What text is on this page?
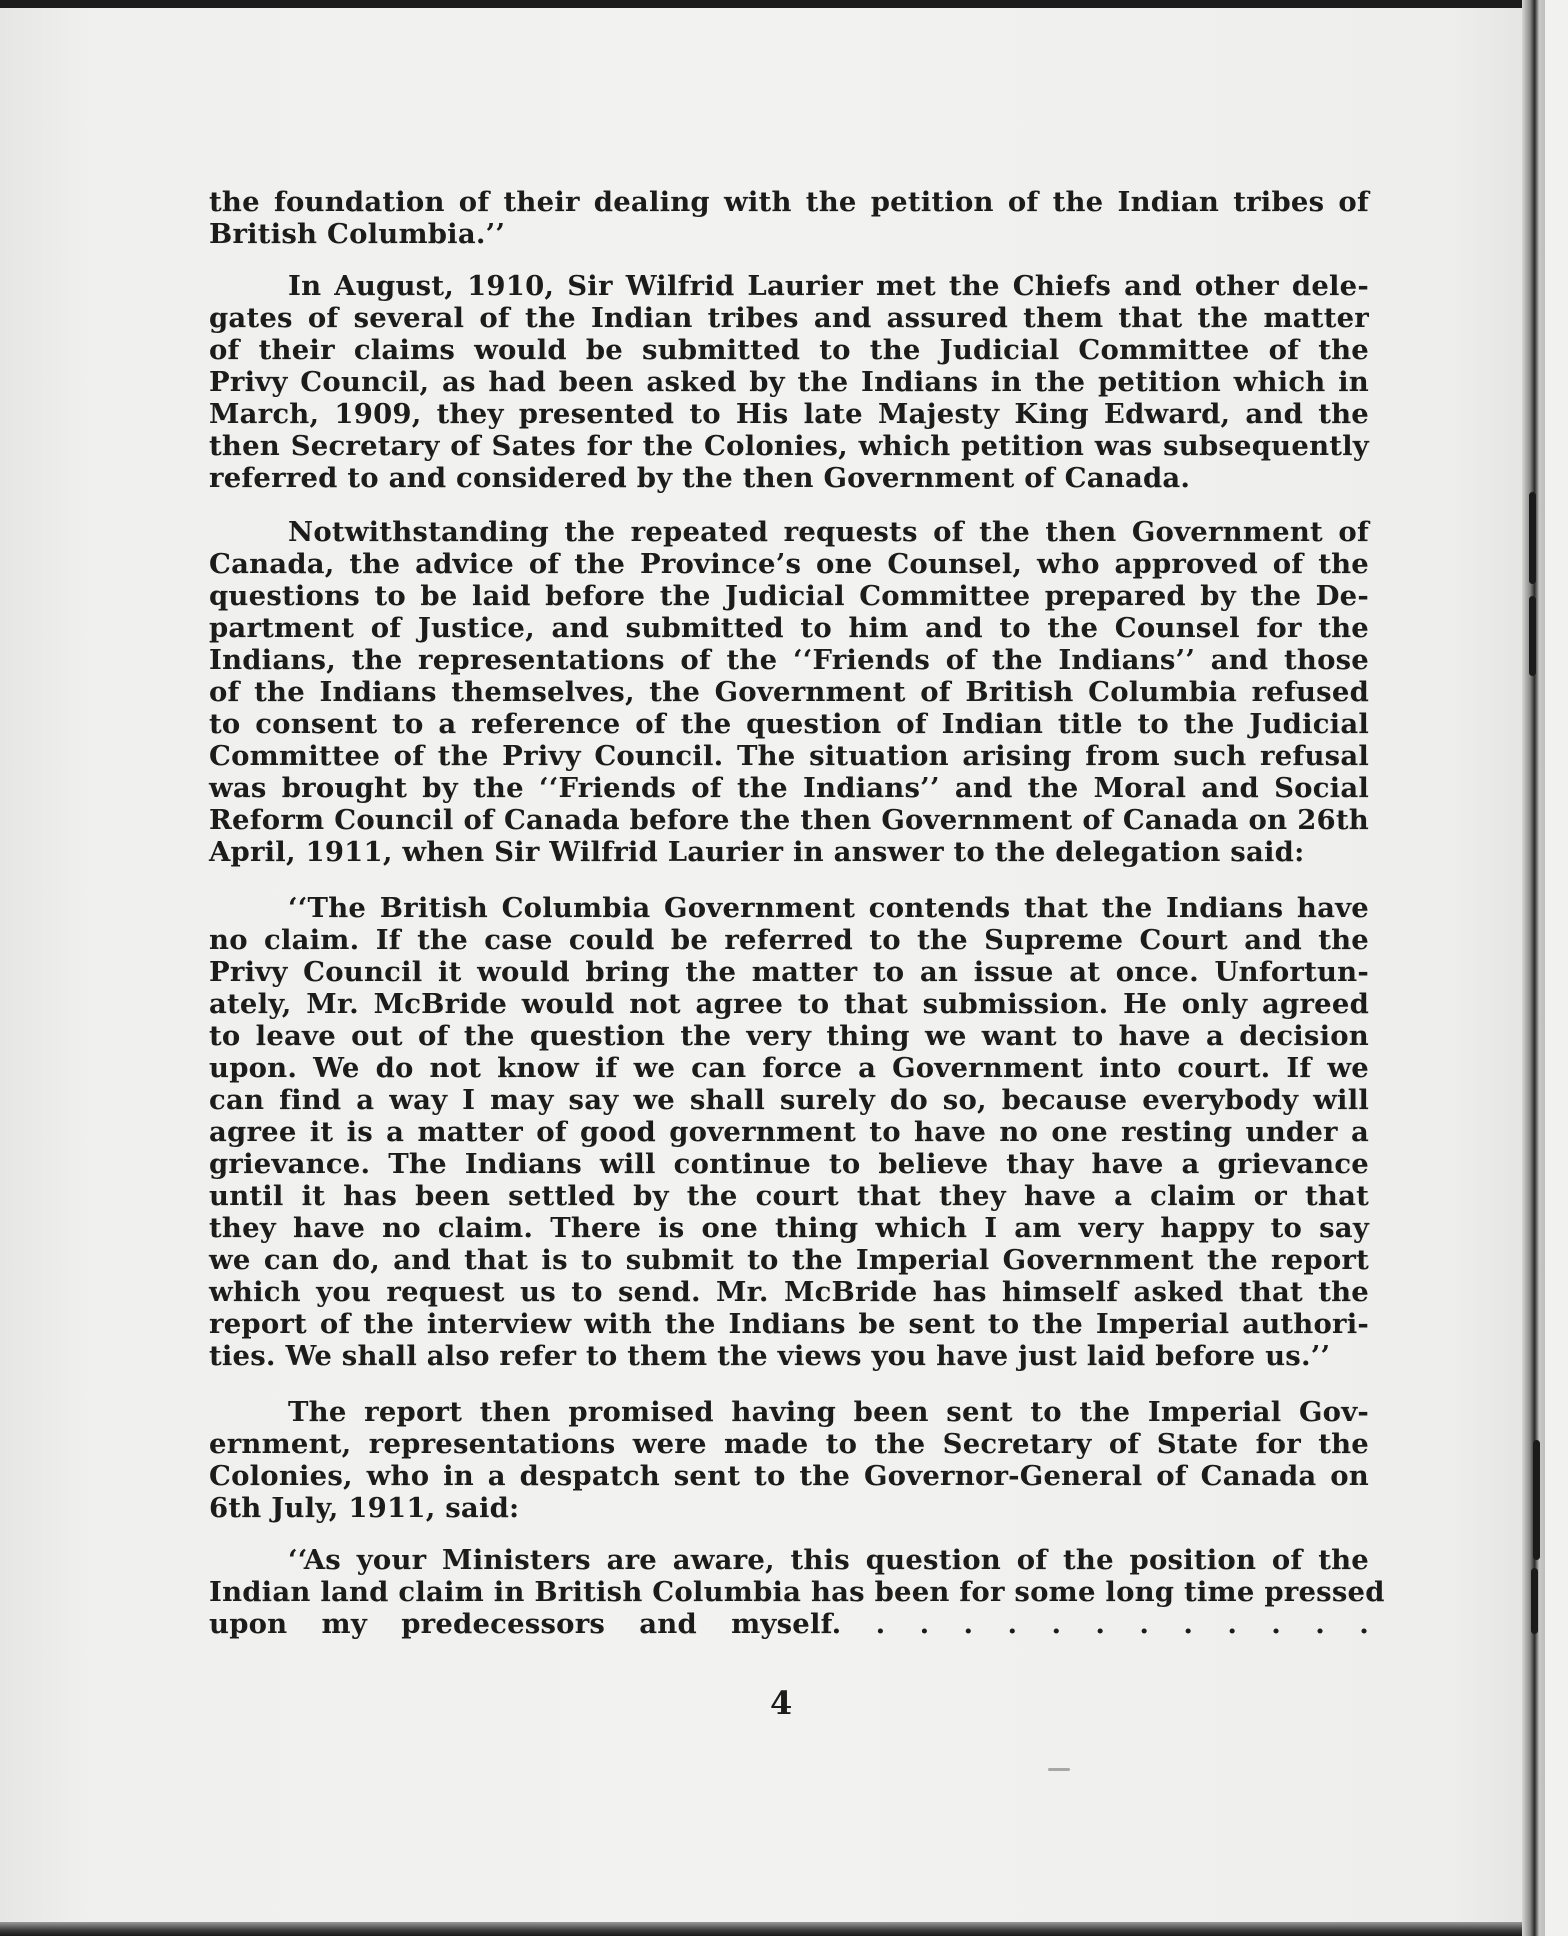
the foundation of their dealing with the petition of the Indian tribes of
British Columbia.’’
In August, 1910, Sir Wilfrid Laurier met the Chiefs and other dele-
gates of several of the Indian tribes and assured them that the matter
of their claims would be submitted to the Judicial Committee of the
Privy Council, as had been asked by the Indians in the petition which in
March, 1909, they presented to His late Majesty King Edward, and the
then Secretary of Sates for the Colonies, which petition was subsequently
referred to and considered by the then Government of Canada.
Notwithstanding the repeated requests of the then Government of
Canada, the advice of the Province’s one Counsel, who approved of the
questions to be laid before the Judicial Committee prepared by the De-
partment of Justice, and submitted to him and to the Counsel for the
Indians, the representations of the ‘‘Friends of the Indians’’ and those
of the Indians themselves, the Government of British Columbia refused
to consent to a reference of the question of Indian title to the Judicial
Committee of the Privy Council. The situation arising from such refusal
was brought by the ‘‘Friends of the Indians’’ and the Moral and Social
Reform Council of Canada before the then Government of Canada on 26th
April, 1911, when Sir Wilfrid Laurier in answer to the delegation said:
‘‘The British Columbia Government contends that the Indians have
no claim. If the case could be referred to the Supreme Court and the
Privy Council it would bring the matter to an issue at once. Unfortun-
ately, Mr. McBride would not agree to that submission. He only agreed
to leave out of the question the very thing we want to have a decision
upon. We do not know if we can force a Government into court. If we
can find a way I may say we shall surely do so, because everybody will
agree it is a matter of good government to have no one resting under a
grievance. The Indians will continue to believe thay have a grievance
until it has been settled by the court that they have a claim or that
they have no claim. There is one thing which I am very happy to say
we can do, and that is to submit to the Imperial Government the report
which you request us to send. Mr. McBride has himself asked that the
report of the interview with the Indians be sent to the Imperial authori-
ties. We shall also refer to them the views you have just laid before us.’’
The report then promised having been sent to the Imperial Gov-
ernment, representations were made to the Secretary of State for the
Colonies, who in a despatch sent to the Governor-General of Canada on
6th July, 1911, said:
‘‘As your Ministers are aware, this question of the position of the
Indian land claim in British Columbia has been for some long time pressed
upon my predecessors and myself. . . . . . . . . . . . .
4
